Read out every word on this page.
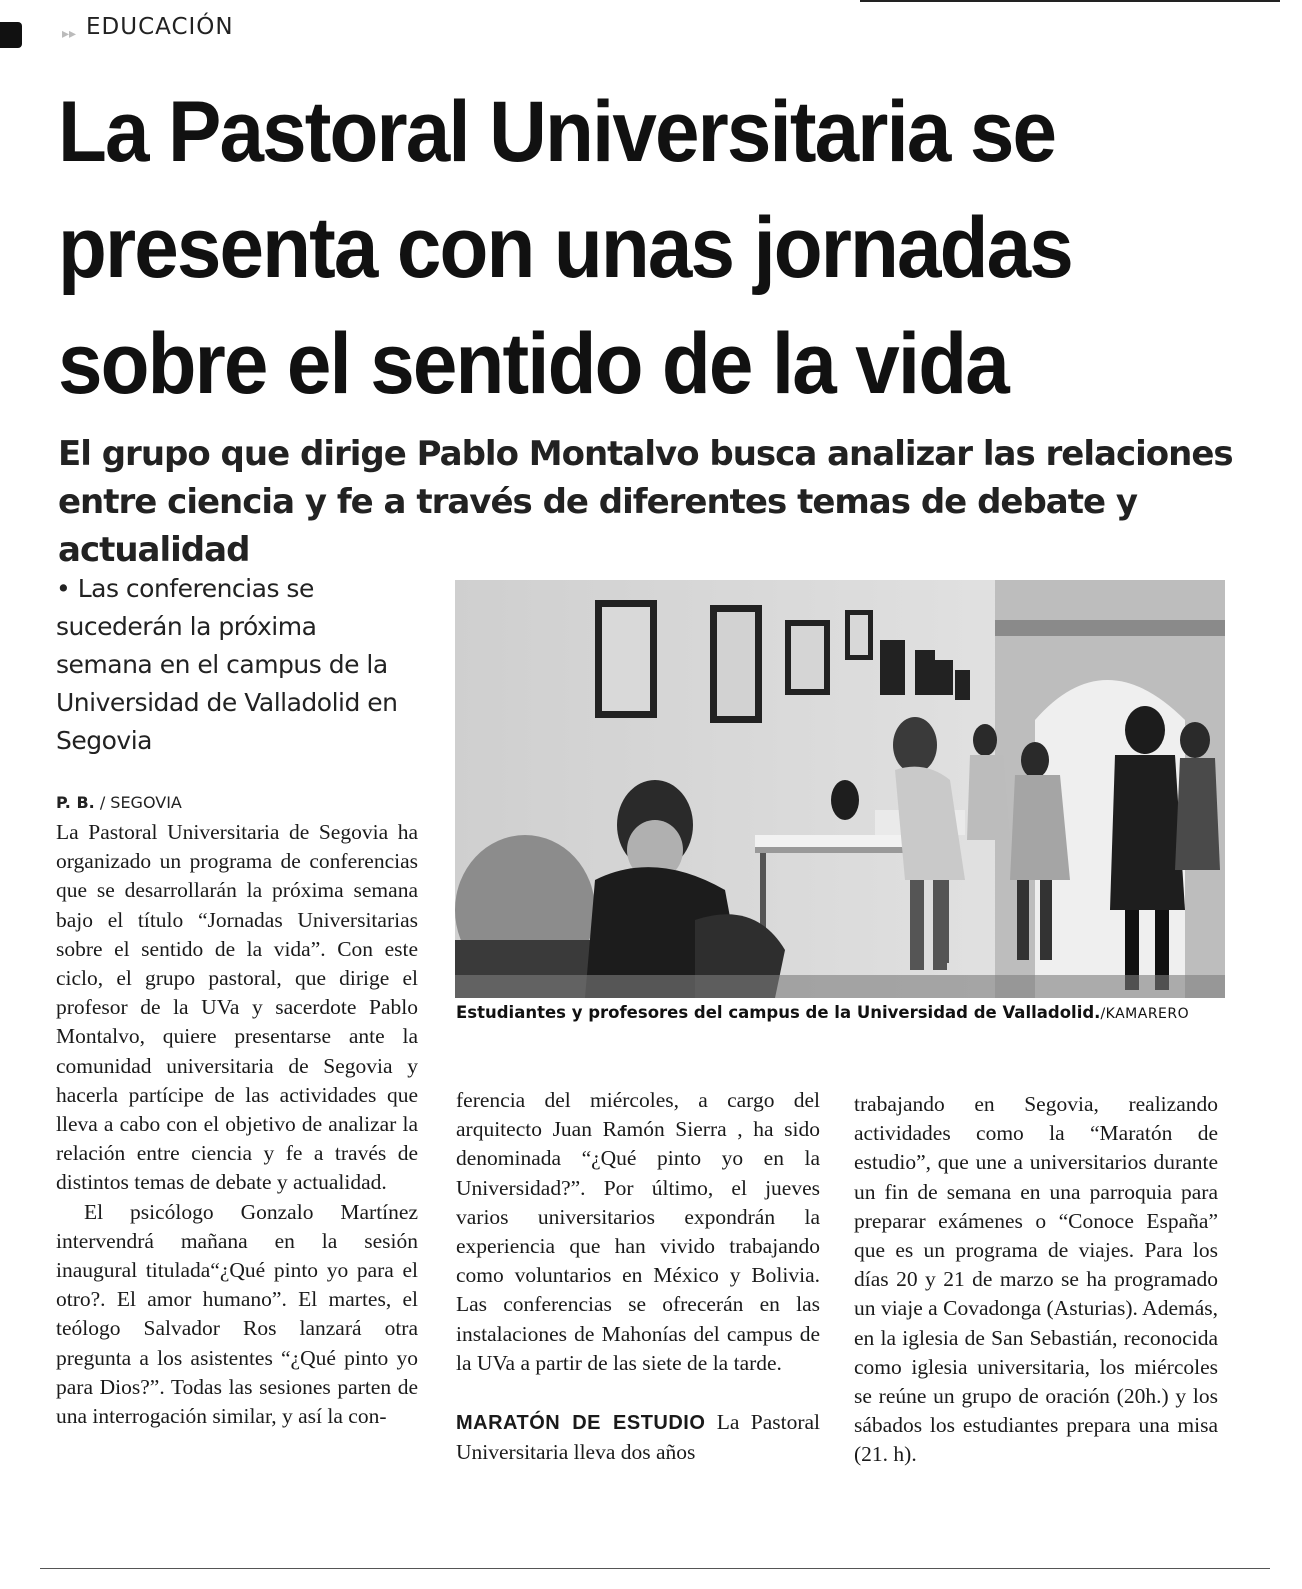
▸▸ EDUCACIÓN
La Pastoral Universitaria se presenta con unas jornadas sobre el sentido de la vida
El grupo que dirige Pablo Montalvo busca analizar las relaciones entre ciencia y fe a través de diferentes temas de debate y actualidad
• Las conferencias se sucederán la próxima semana en el campus de la Universidad de Valladolid en Segovia
P. B. / SEGOVIA

La Pastoral Universitaria de Segovia ha organizado un programa de conferencias que se desarrollarán la próxima semana bajo el título “Jornadas Universitarias sobre el sentido de la vida”. Con este ciclo, el grupo pastoral, que dirige el profesor de la UVa y sacerdote Pablo Montalvo, quiere presentarse ante la comunidad universitaria de Segovia y hacerla partícipe de las actividades que lleva a cabo con el objetivo de analizar la relación entre ciencia y fe a través de distintos temas de debate y actualidad.

El psicólogo Gonzalo Martínez intervendrá mañana en la sesión inaugural titulada“¿Qué pinto yo para el otro?. El amor humano”. El martes, el teólogo Salvador Ros lanzará otra pregunta a los asistentes “¿Qué pinto yo para Dios?”. Todas las sesiones parten de una interrogación similar, y así la con-

Estudiantes y profesores del campus de la Universidad de Valladolid./KAMARERO

ferencia del miércoles, a cargo del arquitecto Juan Ramón Sierra , ha sido denominada “¿Qué pinto yo en la Universidad?”. Por último, el jueves varios universitarios expondrán la experiencia que han vivido trabajando como voluntarios en México y Bolivia. Las conferencias se ofrecerán en las instalaciones de Mahonías del campus de la UVa a partir de las siete de la tarde.

MARATÓN DE ESTUDIO La Pastoral Universitaria lleva dos años

trabajando en Segovia, realizando actividades como la “Maratón de estudio”, que une a universitarios durante un fin de semana en una parroquia para preparar exámenes o “Conoce España” que es un programa de viajes. Para los días 20 y 21 de marzo se ha programado un viaje a Covadonga (Asturias). Además, en la iglesia de San Sebastián, reconocida como iglesia universitaria, los miércoles se reúne un grupo de oración (20h.) y los sábados los estudiantes prepara una misa (21. h).
